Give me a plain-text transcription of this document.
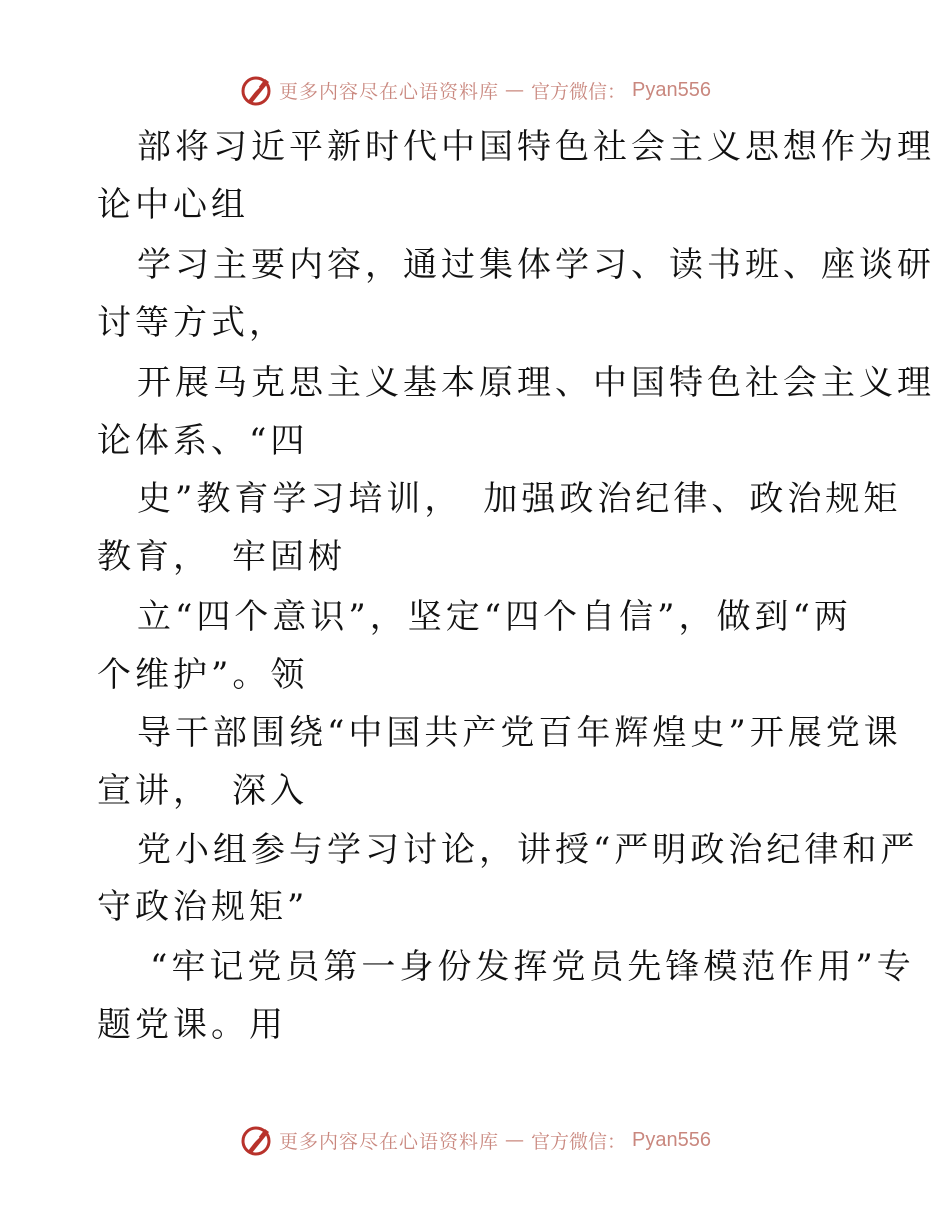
更多内容尽在心语资料库 — 官方微信： Pyan556
部将习近平新时代中国特色社会主义思想作为理
论中心组
学习主要内容，通过集体学习、读书班、座谈研
讨等方式，
开展马克思主义基本原理、中国特色社会主义理
论体系、“四
史”教育学习培训，　加强政治纪律、政治规矩
教育，　牢固树
立“四个意识”，坚定“四个自信”，做到“两
个维护”。领
导干部围绕“中国共产党百年辉煌史”开展党课
宣讲，　深入
党小组参与学习讨论，讲授“严明政治纪律和严
守政治规矩”
“牢记党员第一身份发挥党员先锋模范作用”专
题党课。用
更多内容尽在心语资料库 — 官方微信： Pyan556
